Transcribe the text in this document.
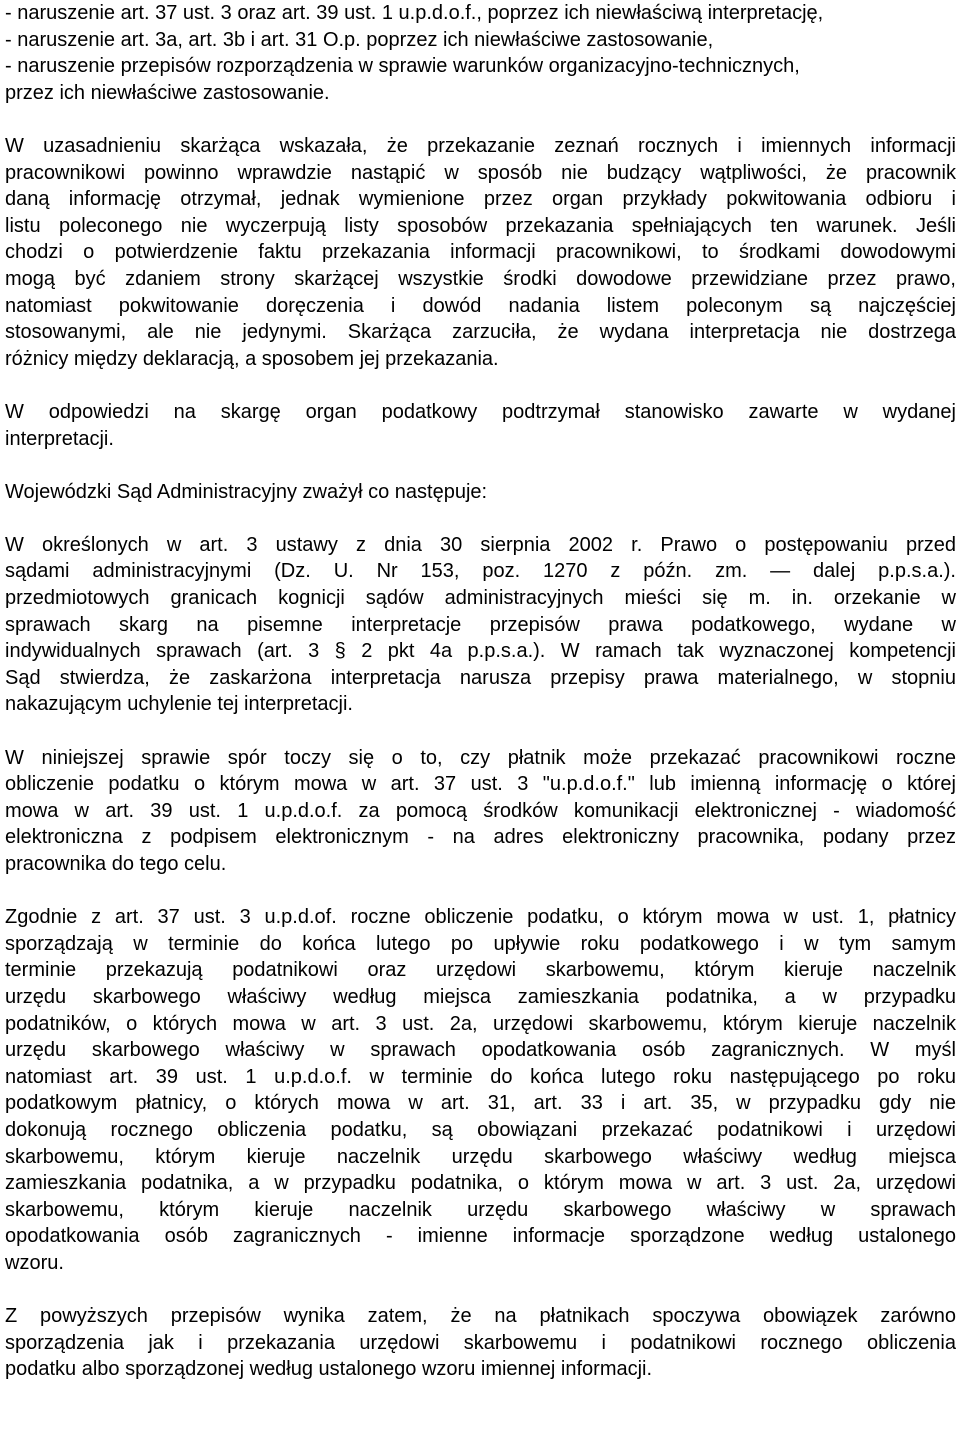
- naruszenie art. 37 ust. 3 oraz art. 39 ust. 1 u.p.d.o.f., poprzez ich niewłaściwą interpretację,
- naruszenie art. 3a, art. 3b i art. 31 O.p. poprzez ich niewłaściwe zastosowanie,
- naruszenie przepisów rozporządzenia w sprawie warunków organizacyjno-technicznych,
przez ich niewłaściwe zastosowanie.
W uzasadnieniu skarżąca wskazała, że przekazanie zeznań rocznych i imiennych informacji
pracownikowi powinno wprawdzie nastąpić w sposób nie budzący wątpliwości, że pracownik
daną informację otrzymał, jednak wymienione przez organ przykłady pokwitowania odbioru i
listu poleconego nie wyczerpują listy sposobów przekazania spełniających ten warunek. Jeśli
chodzi o potwierdzenie faktu przekazania informacji pracownikowi, to środkami dowodowymi
mogą być zdaniem strony skarżącej wszystkie środki dowodowe przewidziane przez prawo,
natomiast pokwitowanie doręczenia i dowód nadania listem poleconym są najczęściej
stosowanymi, ale nie jedynymi. Skarżąca zarzuciła, że wydana interpretacja nie dostrzega
różnicy między deklaracją, a sposobem jej przekazania.
W odpowiedzi na skargę organ podatkowy podtrzymał stanowisko zawarte w wydanej
interpretacji.
Wojewódzki Sąd Administracyjny zważył co następuje:
W określonych w art. 3 ustawy z dnia 30 sierpnia 2002 r. Prawo o postępowaniu przed
sądami administracyjnymi (Dz. U. Nr 153, poz. 1270 z późn. zm. — dalej p.p.s.a.).
przedmiotowych granicach kognicji sądów administracyjnych mieści się m. in. orzekanie w
sprawach skarg na pisemne interpretacje przepisów prawa podatkowego, wydane w
indywidualnych sprawach (art. 3 § 2 pkt 4a p.p.s.a.). W ramach tak wyznaczonej kompetencji
Sąd stwierdza, że zaskarżona interpretacja narusza przepisy prawa materialnego, w stopniu
nakazującym uchylenie tej interpretacji.
W niniejszej sprawie spór toczy się o to, czy płatnik może przekazać pracownikowi roczne
obliczenie podatku o którym mowa w art. 37 ust. 3 "u.p.d.o.f." lub imienną informację o której
mowa w art. 39 ust. 1 u.p.d.o.f. za pomocą środków komunikacji elektronicznej - wiadomość
elektroniczna z podpisem elektronicznym - na adres elektroniczny pracownika, podany przez
pracownika do tego celu.
Zgodnie z art. 37 ust. 3 u.p.d.of. roczne obliczenie podatku, o którym mowa w ust. 1, płatnicy
sporządzają w terminie do końca lutego po upływie roku podatkowego i w tym samym
terminie przekazują podatnikowi oraz urzędowi skarbowemu, którym kieruje naczelnik
urzędu skarbowego właściwy według miejsca zamieszkania podatnika, a w przypadku
podatników, o których mowa w art. 3 ust. 2a, urzędowi skarbowemu, którym kieruje naczelnik
urzędu skarbowego właściwy w sprawach opodatkowania osób zagranicznych. W myśl
natomiast art. 39 ust. 1 u.p.d.o.f. w terminie do końca lutego roku następującego po roku
podatkowym płatnicy, o których mowa w art. 31, art. 33 i art. 35, w przypadku gdy nie
dokonują rocznego obliczenia podatku, są obowiązani przekazać podatnikowi i urzędowi
skarbowemu, którym kieruje naczelnik urzędu skarbowego właściwy według miejsca
zamieszkania podatnika, a w przypadku podatnika, o którym mowa w art. 3 ust. 2a, urzędowi
skarbowemu, którym kieruje naczelnik urzędu skarbowego właściwy w sprawach
opodatkowania osób zagranicznych - imienne informacje sporządzone według ustalonego
wzoru.
Z powyższych przepisów wynika zatem, że na płatnikach spoczywa obowiązek zarówno
sporządzenia jak i przekazania urzędowi skarbowemu i podatnikowi rocznego obliczenia
podatku albo sporządzonej według ustalonego wzoru imiennej informacji.
